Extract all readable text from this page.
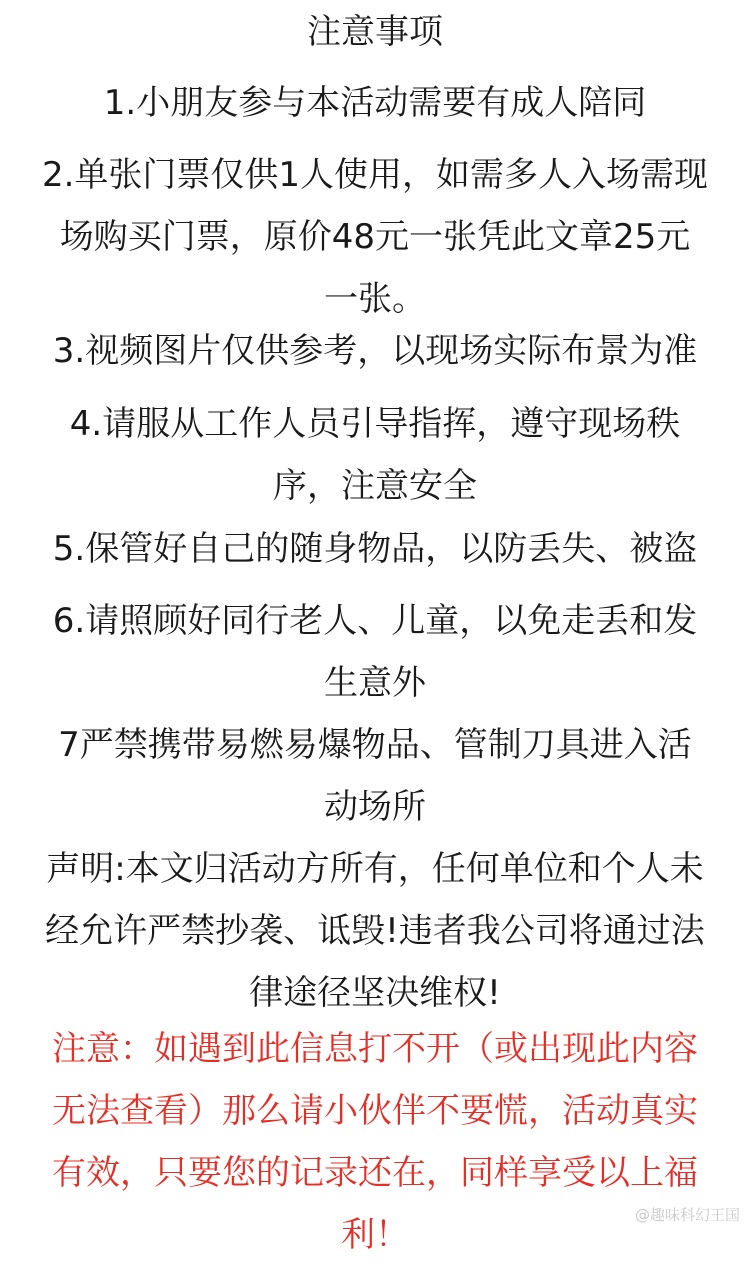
注意事项
1.小朋友参与本活动需要有成人陪同
2.单张门票仅供1人使用，如需多人入场需现
场购买门票，原价48元一张凭此文章25元
一张。
3.视频图片仅供参考，以现场实际布景为准
4.请服从工作人员引导指挥，遵守现场秩
序，注意安全
5.保管好自己的随身物品，以防丢失、被盗
6.请照顾好同行老人、儿童，以免走丢和发
生意外
7严禁携带易燃易爆物品、管制刀具进入活
动场所
声明:本文归活动方所有，任何单位和个人未
经允许严禁抄袭、诋毁!违者我公司将通过法
律途径坚决维权!
注意：如遇到此信息打不开（或出现此内容
无法查看）那么请小伙伴不要慌，活动真实
有效，只要您的记录还在，同样享受以上福
利！	@趣味科幻王国
